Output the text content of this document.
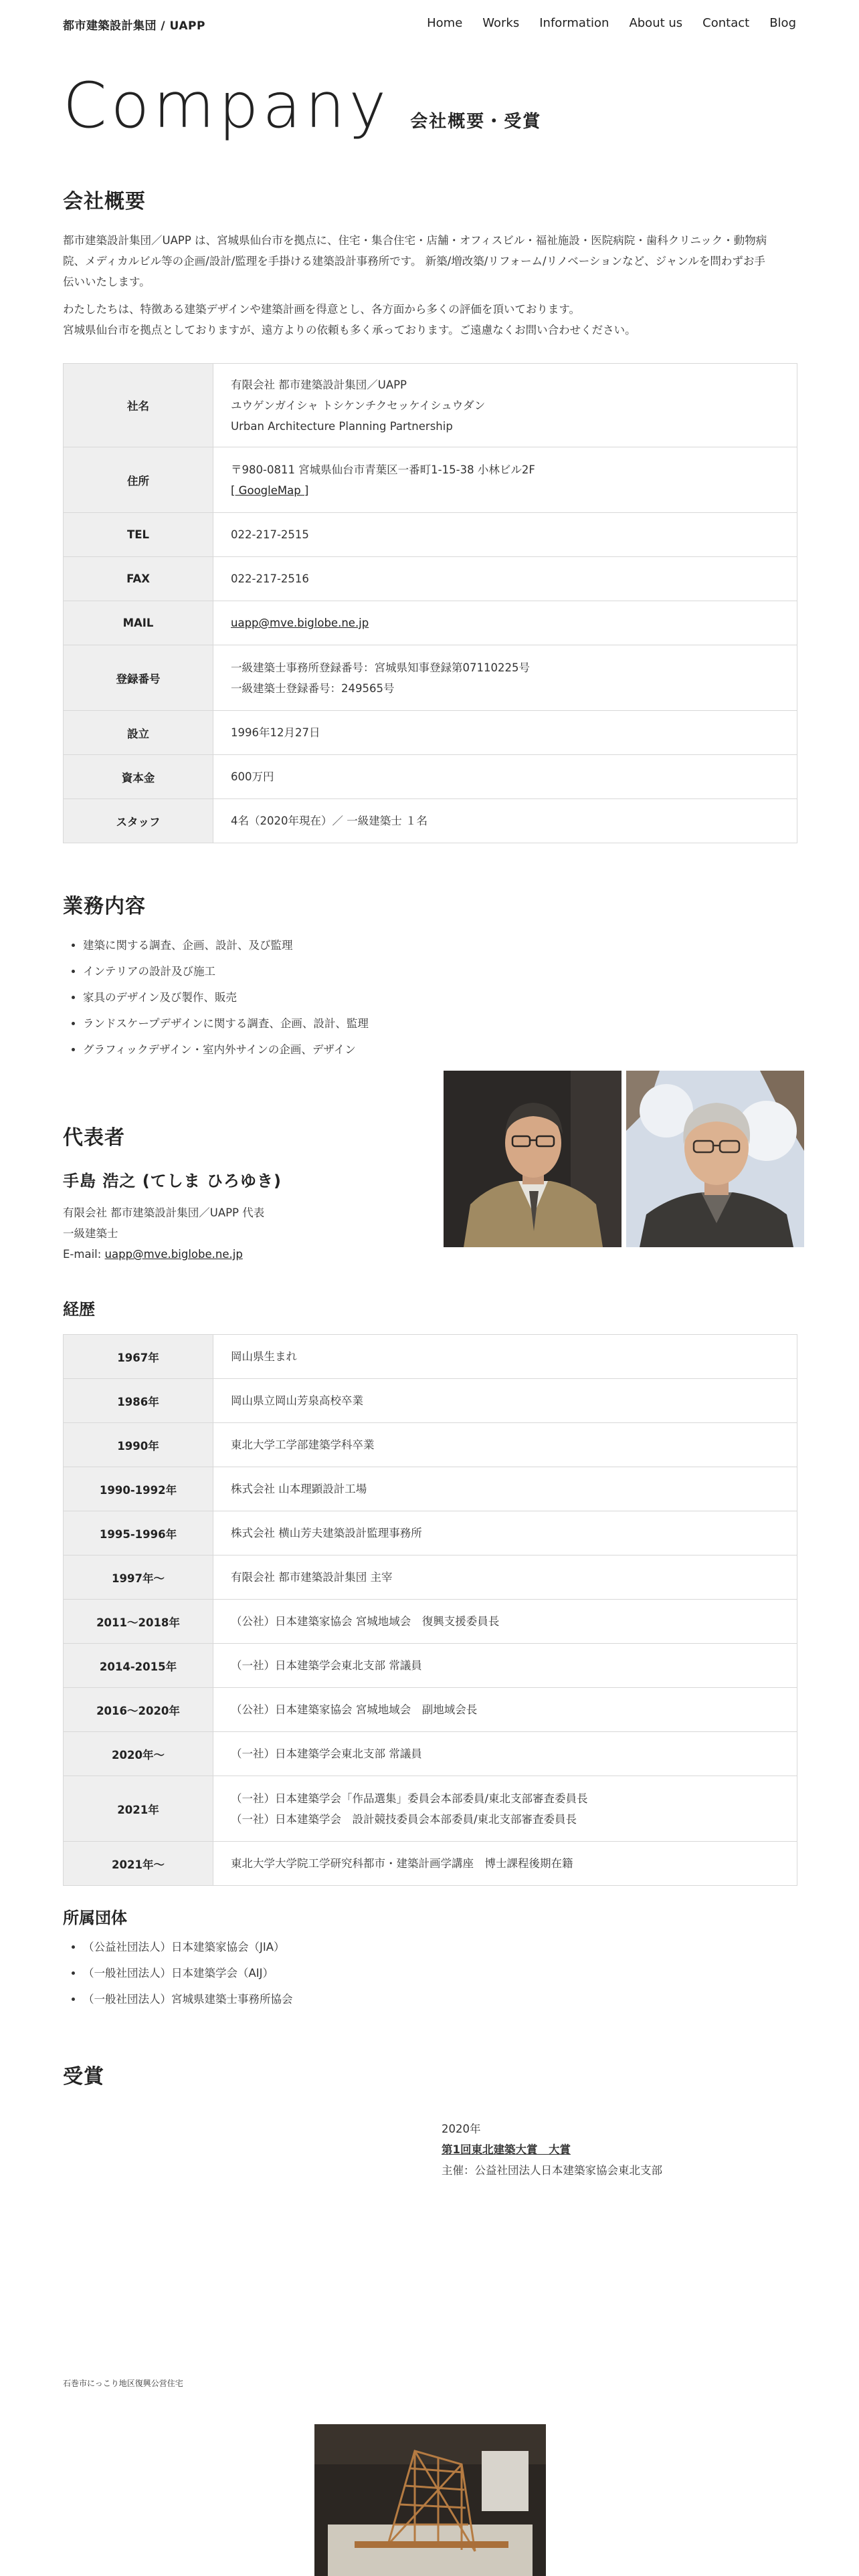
都市建築設計集団 / UAPP	Home Works Information About us Contact Blog
Company 会社概要・受賞
会社概要
都市建築設計集団／UAPP は、宮城県仙台市を拠点に、住宅・集合住宅・店舗・オフィスビル・福祉施設・医院病院・歯科クリニック・動物病
院、メディカルビル等の企画/設計/監理を手掛ける建築設計事務所です。 新築/増改築/リフォーム/リノベーションなど、ジャンルを問わずお手
伝いいたします。
わたしたちは、特徴ある建築デザインや建築計画を得意とし、各方面から多くの評価を頂いております。
宮城県仙台市を拠点としておりますが、遠方よりの依頼も多く承っております。ご遠慮なくお問い合わせください。
社名	有限会社 都市建築設計集団／UAPP
ユウゲンガイシャ トシケンチクセッケイシュウダン
Urban Architecture Planning Partnership

住所	〒980-0811 宮城県仙台市青葉区一番町1-15-38 小林ビル2F
[ GoogleMap ]
TEL	022-217-2515
FAX	022-217-2516
MAIL	uapp@mve.biglobe.ne.jp
登録番号	一級建築士事務所登録番号：宮城県知事登録第07110225号
一級建築士登録番号：249565号

設立	1996年12月27日
資本金	600万円
スタッフ	4名（2020年現在）／ 一級建築士 １名
業務内容
• 建築に関する調査、企画、設計、及び監理
• インテリアの設計及び施工
• 家具のデザイン及び製作、販売
• ランドスケープデザインに関する調査、企画、設計、監理
• グラフィックデザイン・室内外サインの企画、デザイン
代表者
手島 浩之 (てしま ひろゆき)
有限会社 都市建築設計集団／UAPP 代表
一級建築士
E-mail: uapp@mve.biglobe.ne.jp
経歴
1967年	岡山県生まれ
1986年	岡山県立岡山芳泉高校卒業
1990年	東北大学工学部建築学科卒業
1990-1992年	株式会社 山本理顕設計工場
1995-1996年	株式会社 横山芳夫建築設計監理事務所
1997年～	有限会社 都市建築設計集団 主宰
2011～2018年	（公社）日本建築家協会 宮城地域会　復興支援委員長
2014-2015年	（一社）日本建築学会東北支部 常議員
2016～2020年	（公社）日本建築家協会 宮城地域会　副地域会長
2020年～	（一社）日本建築学会東北支部 常議員
2021年	（一社）日本建築学会「作品選集」委員会本部委員/東北支部審査委員長
（一社）日本建築学会　設計競技委員会本部委員/東北支部審査委員長

2021年～	東北大学大学院工学研究科都市・建築計画学講座　博士課程後期在籍
所属団体
• （公益社団法人）日本建築家協会（JIA）
• （一般社団法人）日本建築学会（AIJ）
• （一般社団法人）宮城県建築士事務所協会
受賞
2020年
第1回東北建築大賞　大賞
主催：公益社団法人日本建築家協会東北支部
石巻市にっこり地区復興公営住宅
